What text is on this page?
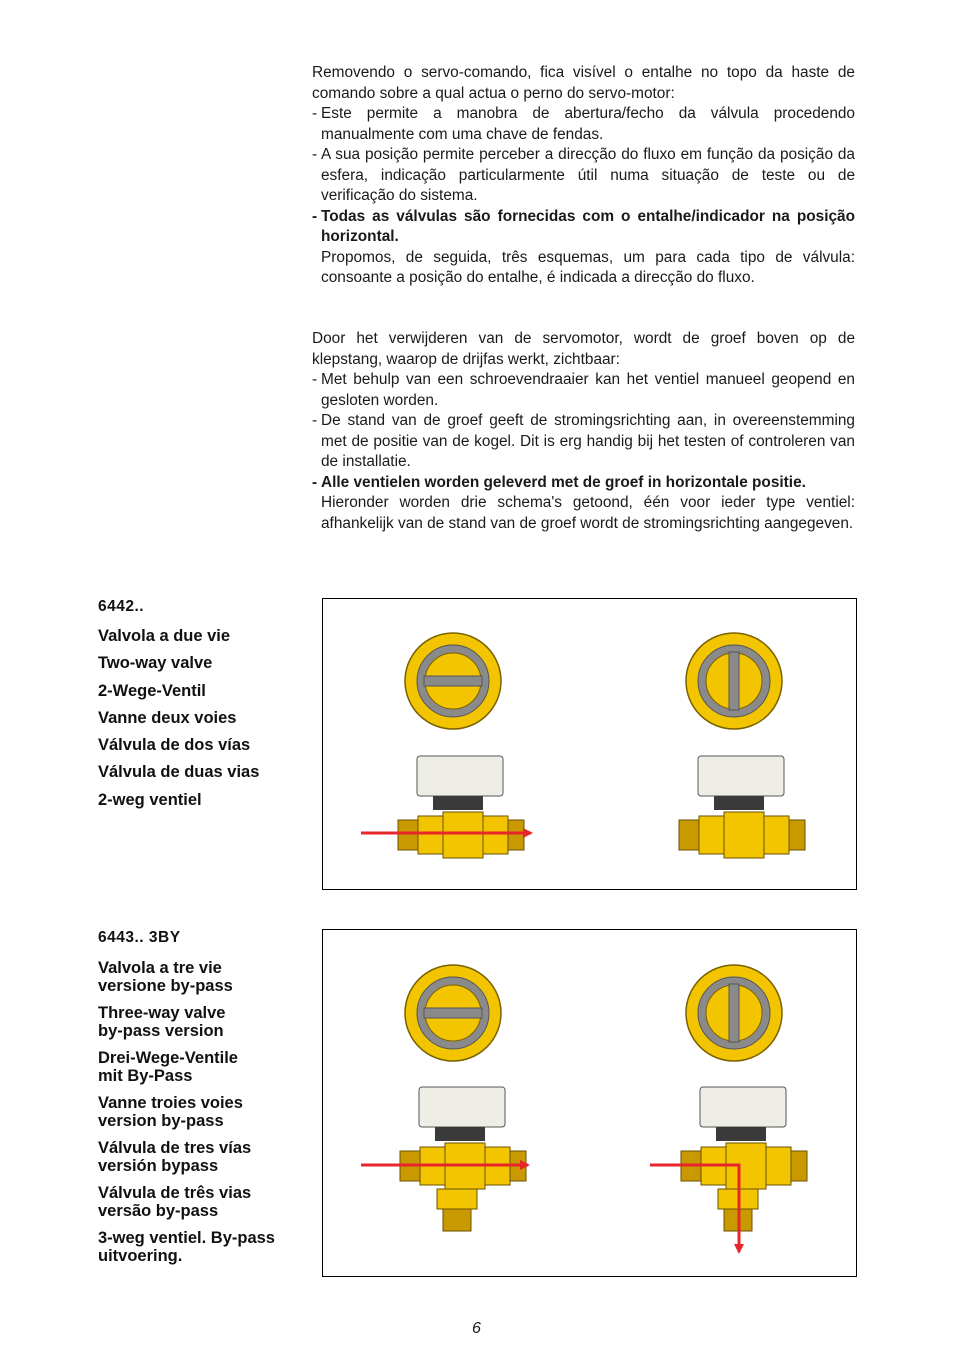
Removendo o servo-comando, fica visível o entalhe no topo da haste de comando sobre a qual actua o perno do servo-motor:

- Este permite a manobra de abertura/fecho da válvula procedendo manualmente com uma chave de fendas.
- A sua posição permite perceber a direcção do fluxo em função da posição da esfera, indicação particularmente útil numa situação de teste ou de verificação do sistema.
- Todas as válvulas são fornecidas com o entalhe/indicador na posição horizontal.

Propomos, de seguida, três esquemas, um para cada tipo de válvula: consoante a posição do entalhe, é indicada a direcção do fluxo.

Door het verwijderen van de servomotor, wordt de groef boven op de klepstang, waarop de drijfas werkt, zichtbaar:

- Met behulp van een schroevendraaier kan het ventiel manueel geopend en gesloten worden.
- De stand van de groef geeft de stromingsrichting aan, in overeenstemming met de positie van de kogel. Dit is erg handig bij het testen of controleren van de installatie.
- Alle ventielen worden geleverd met de groef in horizontale positie.

Hieronder worden drie schema's getoond, één voor ieder type ventiel: afhankelijk van de stand van de groef wordt de stromingsrichting aangegeven.

6442..
Valvola a due vie
Two-way valve
2-Wege-Ventil
Vanne deux voies
Válvula de dos vías
Válvula de duas vias
2-weg ventiel
6443.. 3BY
Valvola a tre vie
versione by-pass
Three-way valve
by-pass version
Drei-Wege-Ventile
mit By-Pass
Vanne troies voies
version by-pass
Válvula de tres vías
versión bypass
Válvula de três vias
versão by-pass
3-weg ventiel. By-pass
uitvoering.
6
